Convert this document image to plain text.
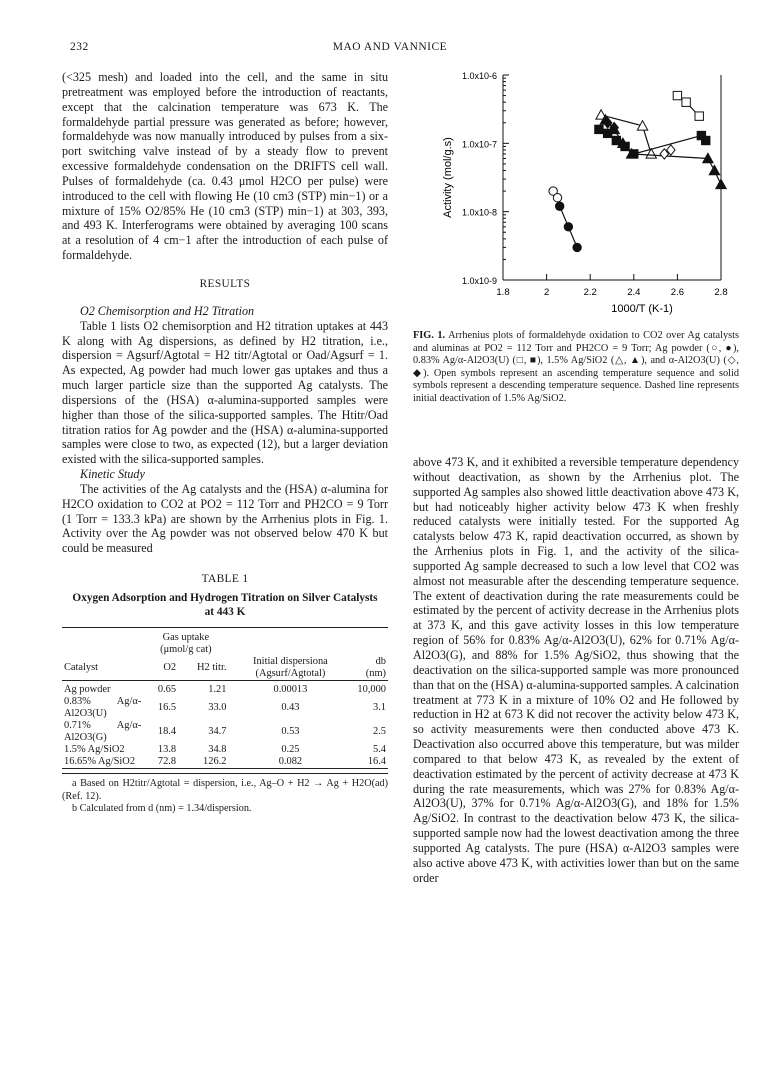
232	MAO AND VANNICE

(<325 mesh) and loaded into the cell, and the same in situ pretreatment was employed before the introduction of reactants, except that the calcination temperature was 673 K. The formaldehyde partial pressure was generated as before; however, formaldehyde was now manually introduced by pulses from a six-port switching valve instead of by a steady flow to prevent excessive formaldehyde condensation on the DRIFTS cell wall. Pulses of formaldehyde (ca. 0.43 μmol H2CO per pulse) were introduced to the cell with flowing He (10 cm3 (STP) min−1) or a mixture of 15% O2/85% He (10 cm3 (STP) min−1) at 303, 393, and 493 K. Interferograms were obtained by averaging 100 scans at a resolution of 4 cm−1 after the introduction of each pulse of formaldehyde.

RESULTS

O2 Chemisorption and H2 Titration

Table 1 lists O2 chemisorption and H2 titration uptakes at 443 K along with Ag dispersions, as defined by H2 titration, i.e., dispersion = Agsurf/Agtotal = H2 titr/Agtotal or Oad/Agsurf = 1. As expected, Ag powder had much lower gas uptakes and thus a much larger particle size than the supported Ag catalysts. The dispersions of the (HSA) α-alumina-supported samples were higher than those of the silica-supported samples. The Htitr/Oad titration ratios for Ag powder and the (HSA) α-alumina-supported samples were close to two, as expected (12), but a larger deviation existed with the silica-supported samples.

Kinetic Study

The activities of the Ag catalysts and the (HSA) α-alumina for H2CO oxidation to CO2 at PO2 = 112 Torr and PH2CO = 9 Torr (1 Torr = 133.3 kPa) are shown by the Arrhenius plots in Fig. 1. Activity over the Ag powder was not observed below 470 K but could be measured

TABLE 1
Oxygen Adsorption and Hydrogen Titration on Silver Catalysts at 443 K
	Gas uptake (μmol/g cat)			
Catalyst	O2	H2 titr.	Initial dispersiona (Agsurf/Agtotal)	db (nm)
Ag powder	0.65	1.21	0.00013	10,000
0.83% Ag/α-Al2O3(U)	16.5	33.0	0.43	3.1
0.71% Ag/α-Al2O3(G)	18.4	34.7	0.53	2.5
1.5% Ag/SiO2	13.8	34.8	0.25	5.4
16.65% Ag/SiO2	72.8	126.2	0.082	16.4

a Based on H2titr/Agtotal = dispersion, i.e., Ag–O + H2 → Ag + H2O(ad) (Ref. 12).

b Calculated from d (nm) = 1.34/dispersion.

Activity (mol/g.s)
1000/T (K-1)
1.0x10-6
1.0x10-7
1.0x10-8
1.0x10-9
1.8	2	2.2	2.4	2.6	2.8
FIG. 1. Arrhenius plots of formaldehyde oxidation to CO2 over Ag catalysts and aluminas at PO2 = 112 Torr and PH2CO = 9 Torr; Ag powder (○, ●), 0.83% Ag/α-Al2O3(U) (□, ■), 1.5% Ag/SiO2 (△, ▲), and α-Al2O3(U) (◇, ◆). Open symbols represent an ascending temperature sequence and solid symbols represent a descending temperature sequence. Dashed line represents initial deactivation of 1.5% Ag/SiO2.

above 473 K, and it exhibited a reversible temperature dependency without deactivation, as shown by the Arrhenius plot. The supported Ag samples also showed little deactivation above 473 K, but had noticeably higher activity below 473 K when freshly reduced catalysts were initially tested. For the supported Ag catalysts below 473 K, rapid deactivation occurred, as shown by the Arrhenius plots in Fig. 1, and the activity of the silica-supported Ag sample decreased to such a low level that CO2 was almost not measurable after the descending temperature sequence. The extent of deactivation during the rate measurements could be estimated by the percent of activity decrease in the Arrhenius plots at 373 K, and this gave activity losses in this low temperature region of 56% for 0.83% Ag/α-Al2O3(U), 62% for 0.71% Ag/α-Al2O3(G), and 88% for 1.5% Ag/SiO2, thus showing that the deactivation on the silica-supported sample was more pronounced than that on the (HSA) α-alumina-supported samples. A calcination treatment at 773 K in a mixture of 10% O2 and He followed by reduction in H2 at 673 K did not recover the activity below 473 K, so activity measurements were then conducted above 473 K. Deactivation also occurred above this temperature, but was milder compared to that below 473 K, as revealed by the extent of deactivation estimated by the percent of activity decrease at 473 K during the rate measurements, which was 27% for 0.83% Ag/α-Al2O3(U), 37% for 0.71% Ag/α-Al2O3(G), and 18% for 1.5% Ag/SiO2. In contrast to the deactivation below 473 K, the silica-supported sample now had the lowest deactivation among the three supported Ag catalysts. The pure (HSA) α-Al2O3 samples were also active above 473 K, with activities lower than but on the same order
